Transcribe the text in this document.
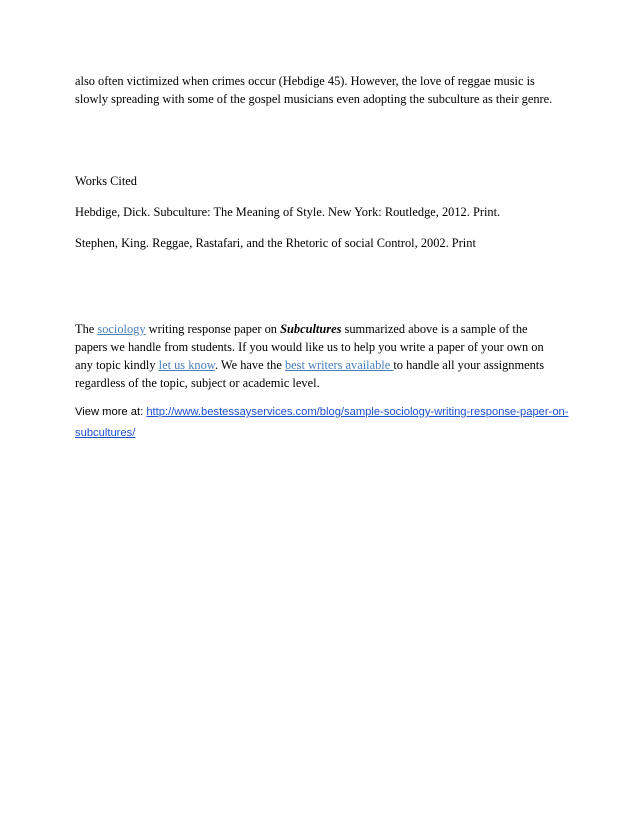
also often victimized when crimes occur (Hebdige 45). However, the love of reggae music is
slowly spreading with some of the gospel musicians even adopting the subculture as their genre.
Works Cited
Hebdige, Dick. Subculture: The Meaning of Style. New York: Routledge, 2012. Print.
Stephen, King. Reggae, Rastafari, and the Rhetoric of social Control, 2002. Print
The sociology writing response paper on Subcultures summarized above is a sample of the
papers we handle from students. If you would like us to help you write a paper of your own on
any topic kindly let us know. We have the best writers available to handle all your assignments
regardless of the topic, subject or academic level.
View more at: http://www.bestessayservices.com/blog/sample-sociology-writing-response-paper-on-
subcultures/
